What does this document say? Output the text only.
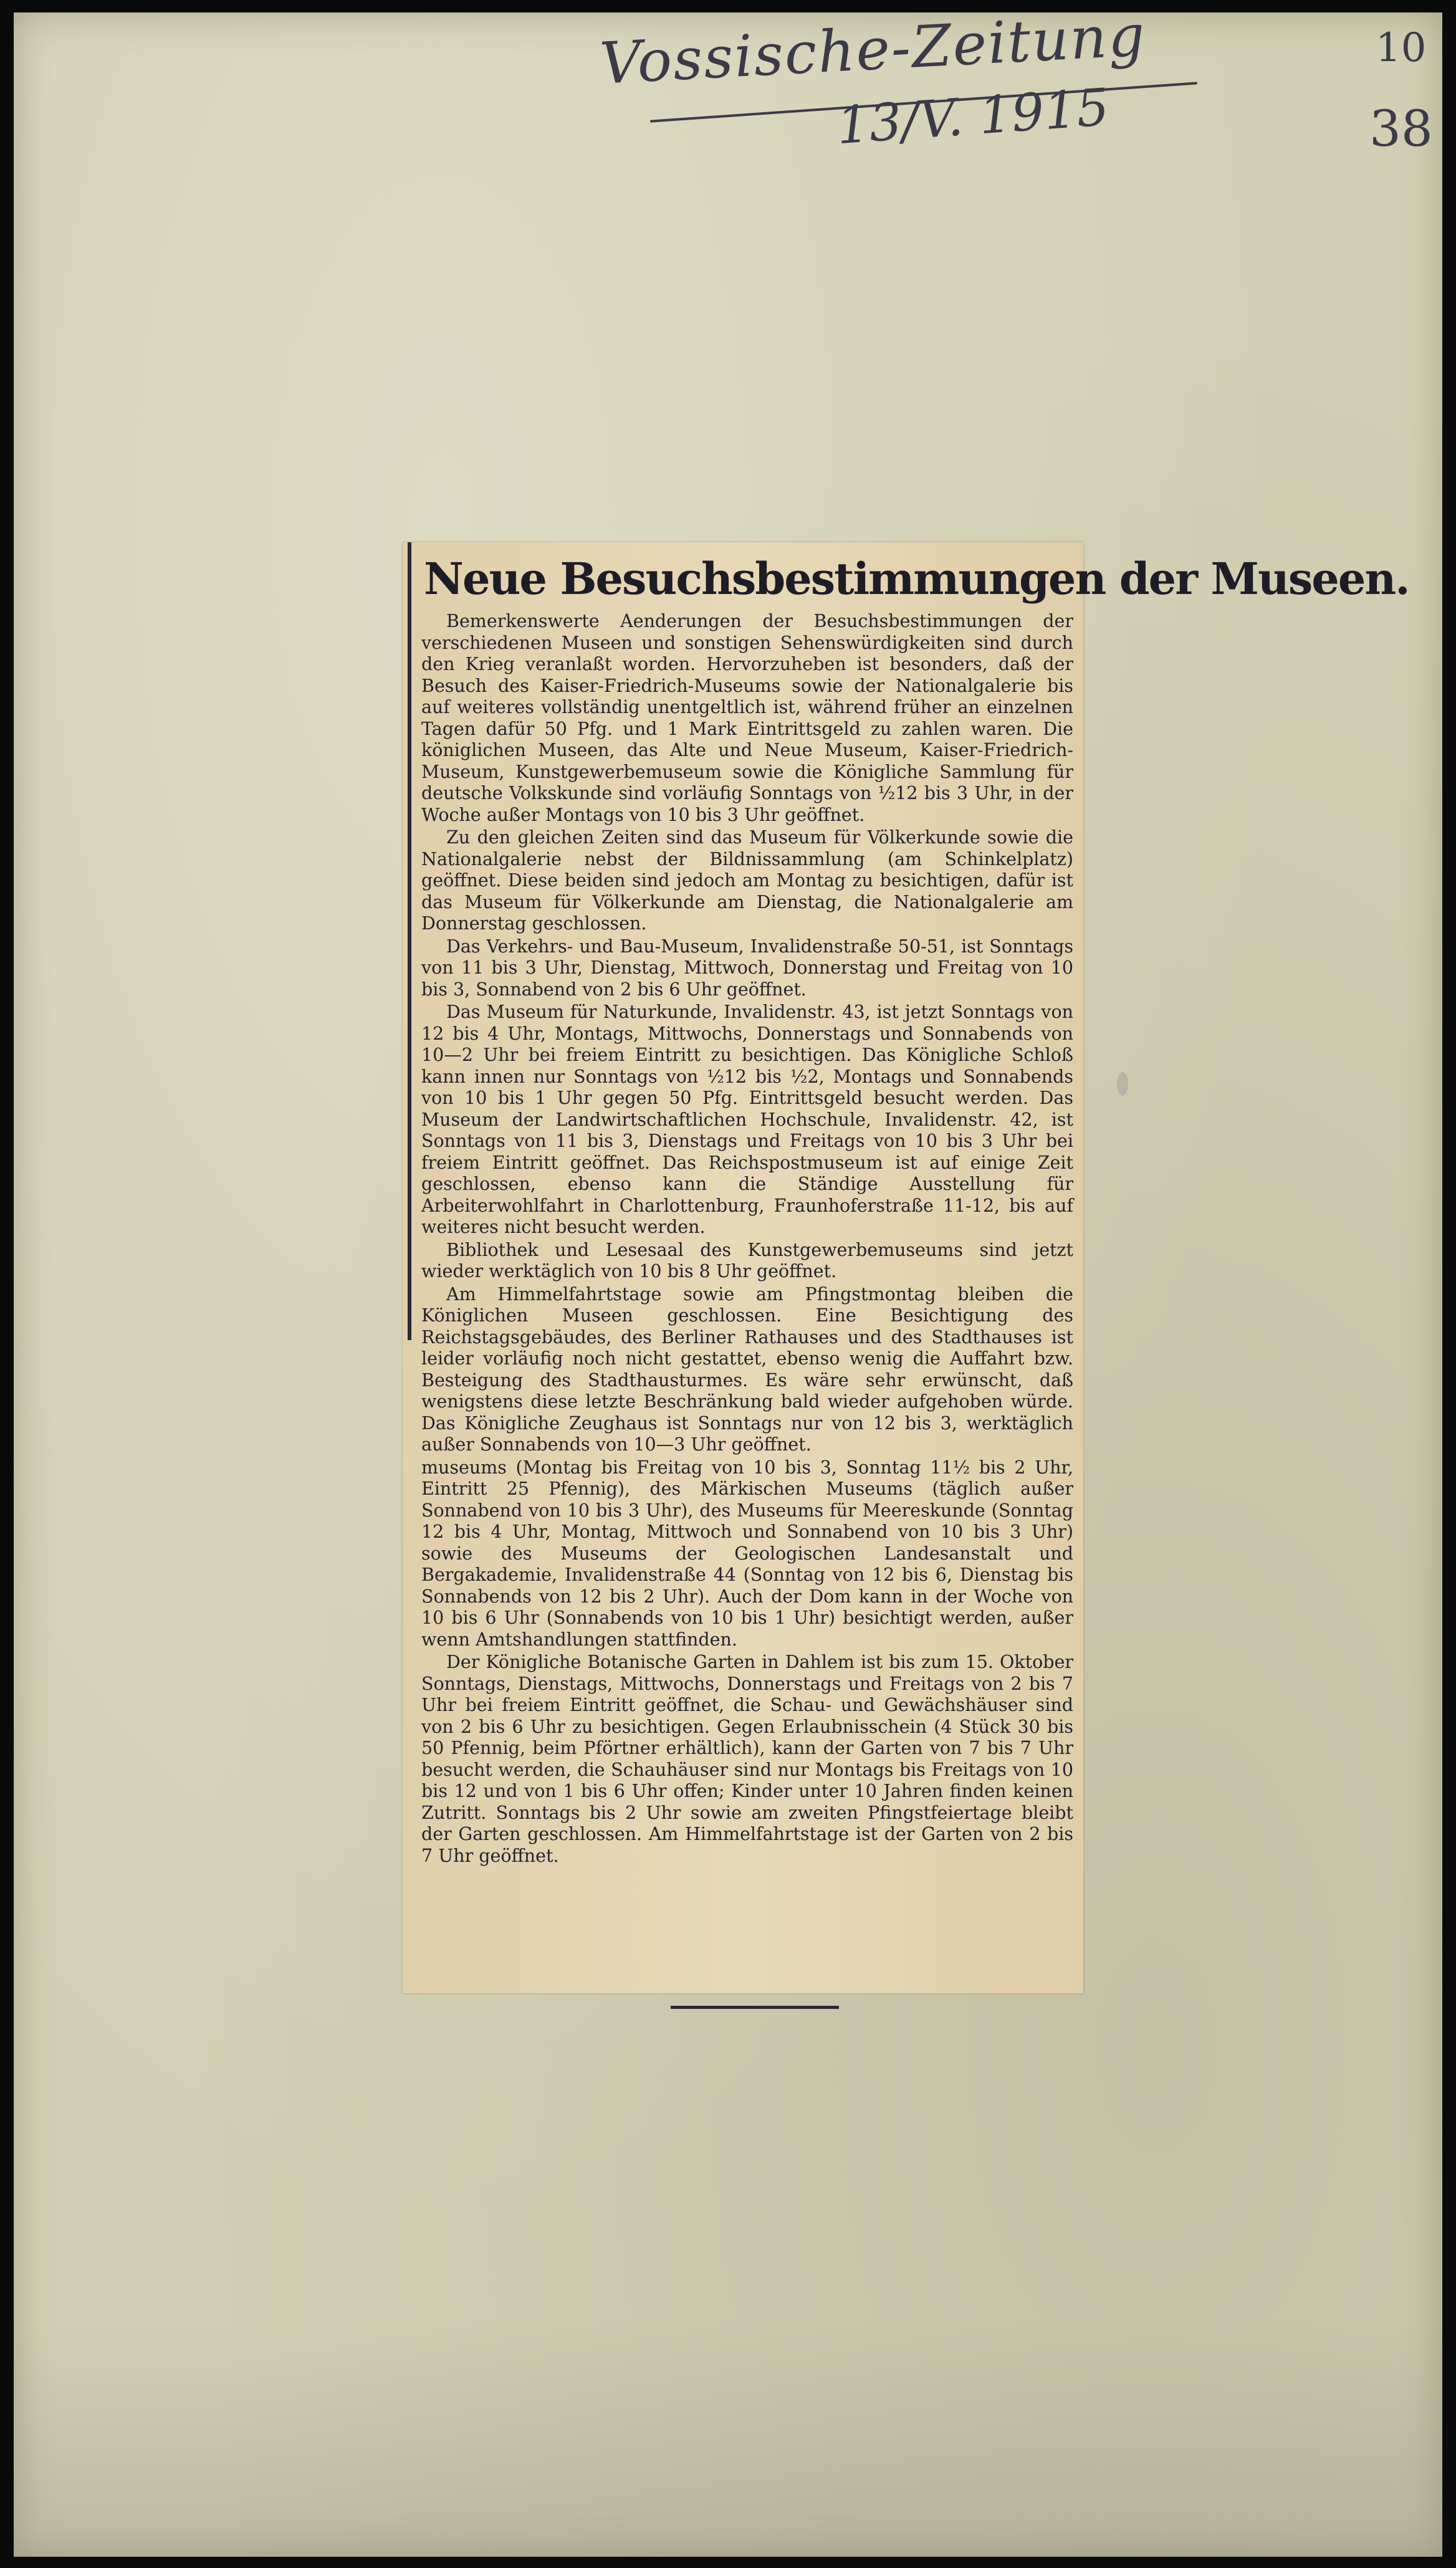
Vossische-Zeitung
13/V. 1915
10
38
Neue Besuchsbestimmungen der Museen.

Bemerkenswerte Aenderungen der Besuchsbestimmungen der verschiedenen Museen und sonstigen Sehenswürdigkeiten sind durch den Krieg veranlaßt worden. Hervorzuheben ist besonders, daß der Besuch des Kaiser-Friedrich-Museums sowie der Nationalgalerie bis auf weiteres vollständig unentgeltlich ist, während früher an einzelnen Tagen dafür 50 Pfg. und 1 Mark Eintrittsgeld zu zahlen waren. Die königlichen Museen, das Alte und Neue Museum, Kaiser-Friedrich-Museum, Kunstgewerbemuseum sowie die Königliche Sammlung für deutsche Volkskunde sind vorläufig Sonntags von ½12 bis 3 Uhr, in der Woche außer Montags von 10 bis 3 Uhr geöffnet.

Zu den gleichen Zeiten sind das Museum für Völkerkunde sowie die Nationalgalerie nebst der Bildnissammlung (am Schinkelplatz) geöffnet. Diese beiden sind jedoch am Montag zu besichtigen, dafür ist das Museum für Völkerkunde am Dienstag, die Nationalgalerie am Donnerstag geschlossen.

Das Verkehrs- und Bau-Museum, Invalidenstraße 50-51, ist Sonntags von 11 bis 3 Uhr, Dienstag, Mittwoch, Donnerstag und Freitag von 10 bis 3, Sonnabend von 2 bis 6 Uhr geöffnet.

Das Museum für Naturkunde, Invalidenstr. 43, ist jetzt Sonntags von 12 bis 4 Uhr, Montags, Mittwochs, Donnerstags und Sonnabends von 10—2 Uhr bei freiem Eintritt zu besichtigen. Das Königliche Schloß kann innen nur Sonntags von ½12 bis ½2, Montags und Sonnabends von 10 bis 1 Uhr gegen 50 Pfg. Eintrittsgeld besucht werden. Das Museum der Landwirtschaftlichen Hochschule, Invalidenstr. 42, ist Sonntags von 11 bis 3, Dienstags und Freitags von 10 bis 3 Uhr bei freiem Eintritt geöffnet. Das Reichspostmuseum ist auf einige Zeit geschlossen, ebenso kann die Ständige Ausstellung für Arbeiterwohlfahrt in Charlottenburg, Fraunhoferstraße 11-12, bis auf weiteres nicht besucht werden.

Bibliothek und Lesesaal des Kunstgewerbemuseums sind jetzt wieder werktäglich von 10 bis 8 Uhr geöffnet.

Am Himmelfahrtstage sowie am Pfingstmontag bleiben die Königlichen Museen geschlossen. Eine Besichtigung des Reichstagsgebäudes, des Berliner Rathauses und des Stadthauses ist leider vorläufig noch nicht gestattet, ebenso wenig die Auffahrt bzw. Besteigung des Stadthausturmes. Es wäre sehr erwünscht, daß wenigstens diese letzte Beschränkung bald wieder aufgehoben würde. Das Königliche Zeughaus ist Sonntags nur von 12 bis 3, werktäglich außer Sonnabends von 10—3 Uhr geöffnet.

museums (Montag bis Freitag von 10 bis 3, Sonntag 11½ bis 2 Uhr, Eintritt 25 Pfennig), des Märkischen Museums (täglich außer Sonnabend von 10 bis 3 Uhr), des Museums für Meereskunde (Sonntag 12 bis 4 Uhr, Montag, Mittwoch und Sonnabend von 10 bis 3 Uhr) sowie des Museums der Geologischen Landesanstalt und Bergakademie, Invalidenstraße 44 (Sonntag von 12 bis 6, Dienstag bis Sonnabends von 12 bis 2 Uhr). Auch der Dom kann in der Woche von 10 bis 6 Uhr (Sonnabends von 10 bis 1 Uhr) besichtigt werden, außer wenn Amtshandlungen stattfinden.

Der Königliche Botanische Garten in Dahlem ist bis zum 15. Oktober Sonntags, Dienstags, Mittwochs, Donnerstags und Freitags von 2 bis 7 Uhr bei freiem Eintritt geöffnet, die Schau- und Gewächshäuser sind von 2 bis 6 Uhr zu besichtigen. Gegen Erlaubnisschein (4 Stück 30 bis 50 Pfennig, beim Pförtner erhältlich), kann der Garten von 7 bis 7 Uhr besucht werden, die Schauhäuser sind nur Montags bis Freitags von 10 bis 12 und von 1 bis 6 Uhr offen; Kinder unter 10 Jahren finden keinen Zutritt. Sonntags bis 2 Uhr sowie am zweiten Pfingstfeiertage bleibt der Garten geschlossen. Am Himmelfahrtstage ist der Garten von 2 bis 7 Uhr geöffnet.
